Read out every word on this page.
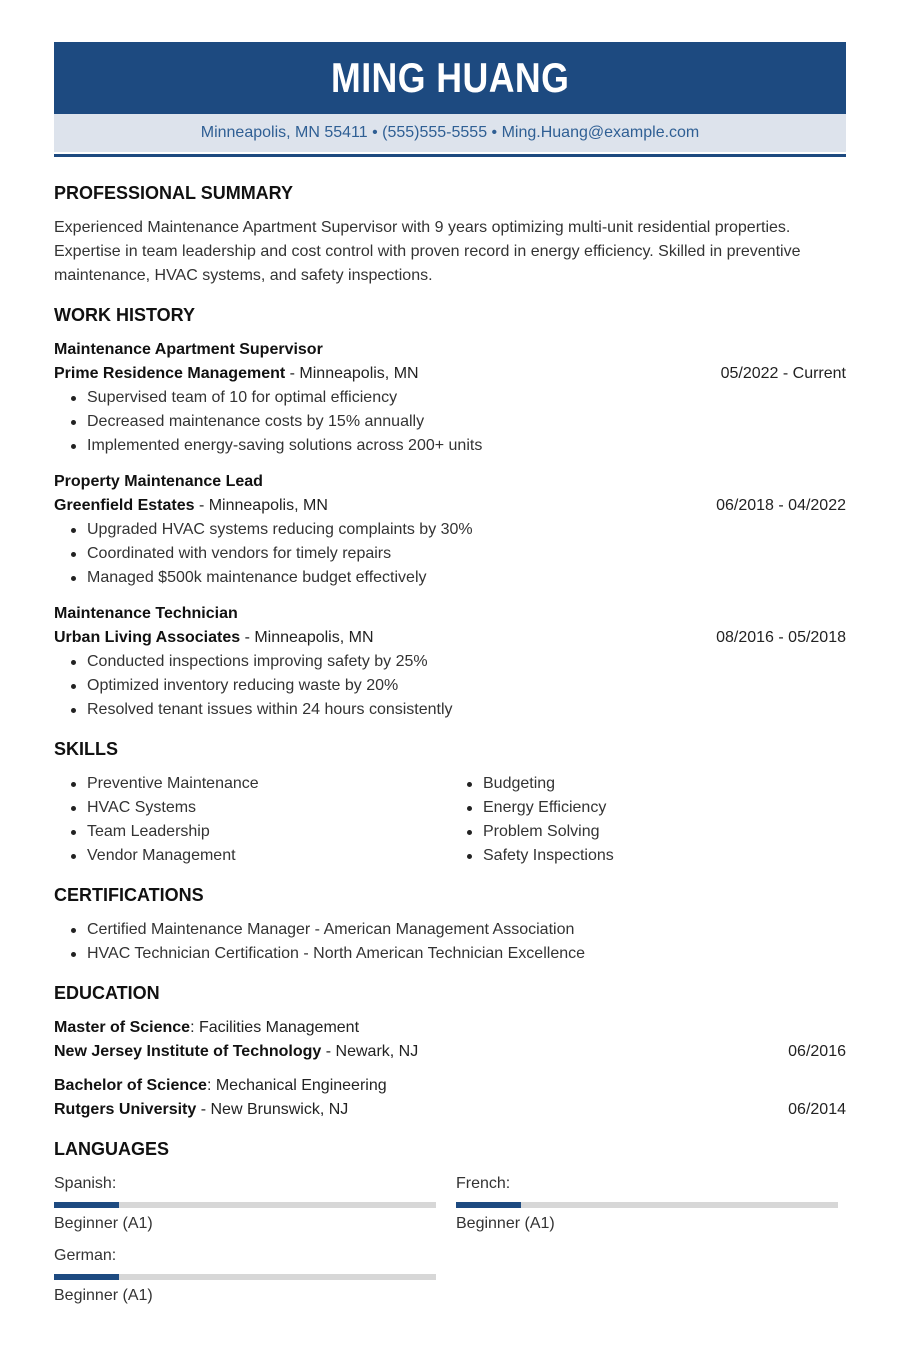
MING HUANG
Minneapolis, MN 55411 • (555)555-5555 • Ming.Huang@example.com
PROFESSIONAL SUMMARY

Experienced Maintenance Apartment Supervisor with 9 years optimizing multi-unit residential properties. Expertise in team leadership and cost control with proven record in energy efficiency. Skilled in preventive maintenance, HVAC systems, and safety inspections.

WORK HISTORY
Maintenance Apartment Supervisor
Prime Residence Management - Minneapolis, MN	05/2022 - Current
Supervised team of 10 for optimal efficiency
Decreased maintenance costs by 15% annually
Implemented energy-saving solutions across 200+ units
Property Maintenance Lead
Greenfield Estates - Minneapolis, MN	06/2018 - 04/2022
Upgraded HVAC systems reducing complaints by 30%
Coordinated with vendors for timely repairs
Managed $500k maintenance budget effectively
Maintenance Technician
Urban Living Associates - Minneapolis, MN	08/2016 - 05/2018
Conducted inspections improving safety by 25%
Optimized inventory reducing waste by 20%
Resolved tenant issues within 24 hours consistently
SKILLS
Preventive Maintenance
HVAC Systems
Team Leadership
Vendor Management
Budgeting
Energy Efficiency
Problem Solving
Safety Inspections
CERTIFICATIONS
Certified Maintenance Manager - American Management Association
HVAC Technician Certification - North American Technician Excellence
EDUCATION
Master of Science: Facilities Management
New Jersey Institute of Technology - Newark, NJ	06/2016
Bachelor of Science: Mechanical Engineering
Rutgers University - New Brunswick, NJ	06/2014
LANGUAGES
Spanish:
Beginner (A1)
French:
Beginner (A1)
German:
Beginner (A1)
